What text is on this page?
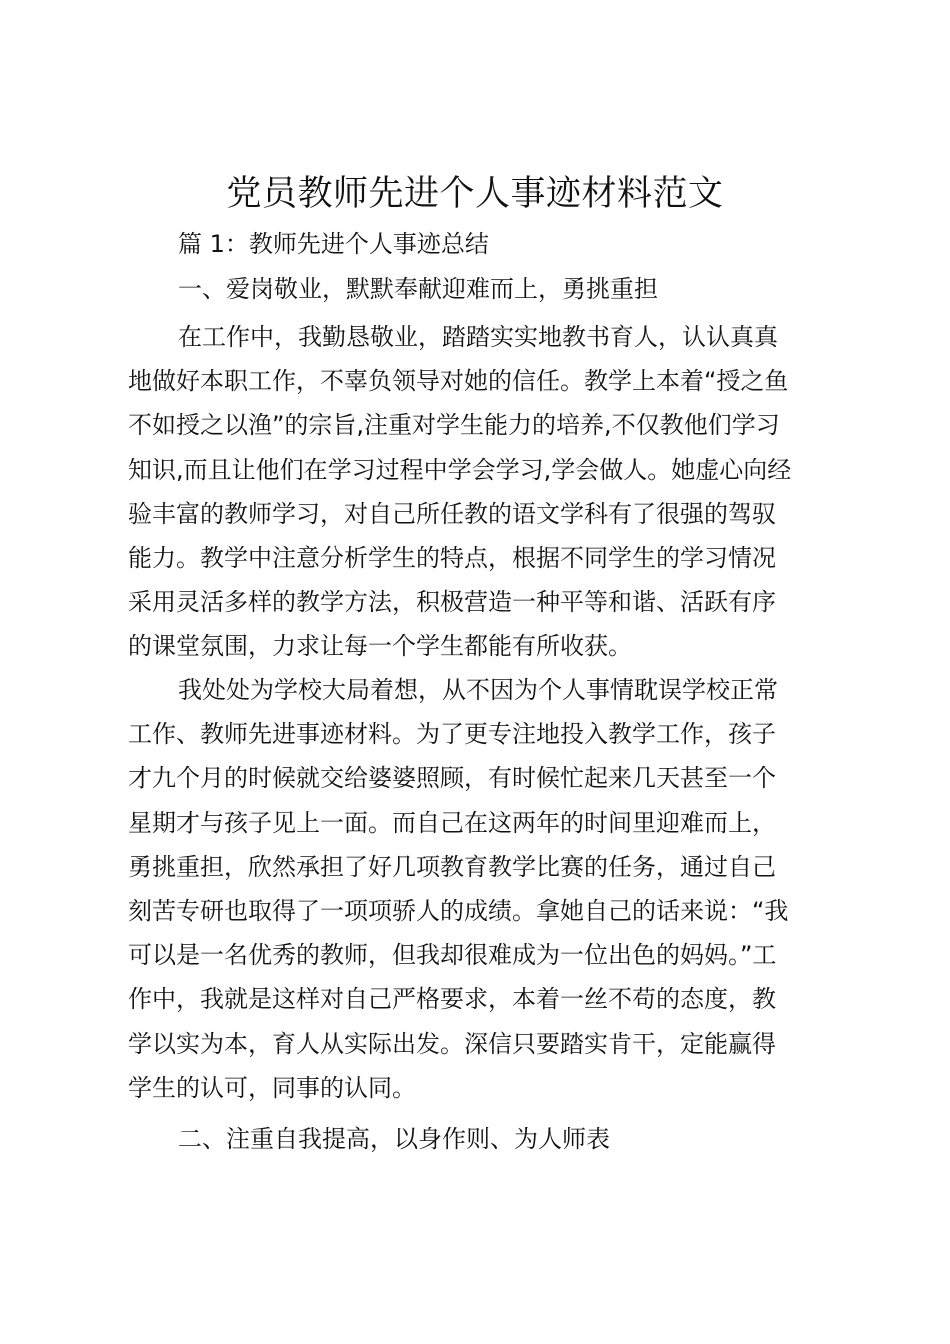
党员教师先进个人事迹材料范文

篇 1：教师先进个人事迹总结

一、爱岗敬业，默默奉献迎难而上，勇挑重担

在工作中，我勤恳敬业，踏踏实实地教书育人，认认真真
地做好本职工作，不辜负领导对她的信任。教学上本着“授之鱼
不如授之以渔”的宗旨,注重对学生能力的培养,不仅教他们学习
知识,而且让他们在学习过程中学会学习,学会做人。她虚心向经
验丰富的教师学习，对自己所任教的语文学科有了很强的驾驭
能力。教学中注意分析学生的特点，根据不同学生的学习情况
采用灵活多样的教学方法，积极营造一种平等和谐、活跃有序
的课堂氛围，力求让每一个学生都能有所收获。
我处处为学校大局着想，从不因为个人事情耽误学校正常
工作、教师先进事迹材料。为了更专注地投入教学工作，孩子
才九个月的时候就交给婆婆照顾，有时候忙起来几天甚至一个
星期才与孩子见上一面。而自己在这两年的时间里迎难而上，
勇挑重担，欣然承担了好几项教育教学比赛的任务，通过自己
刻苦专研也取得了一项项骄人的成绩。拿她自己的话来说：“我
可以是一名优秀的教师，但我却很难成为一位出色的妈妈。”工
作中，我就是这样对自己严格要求，本着一丝不苟的态度，教
学以实为本，育人从实际出发。深信只要踏实肯干，定能赢得
学生的认可，同事的认同。

二、注重自我提高，以身作则、为人师表
